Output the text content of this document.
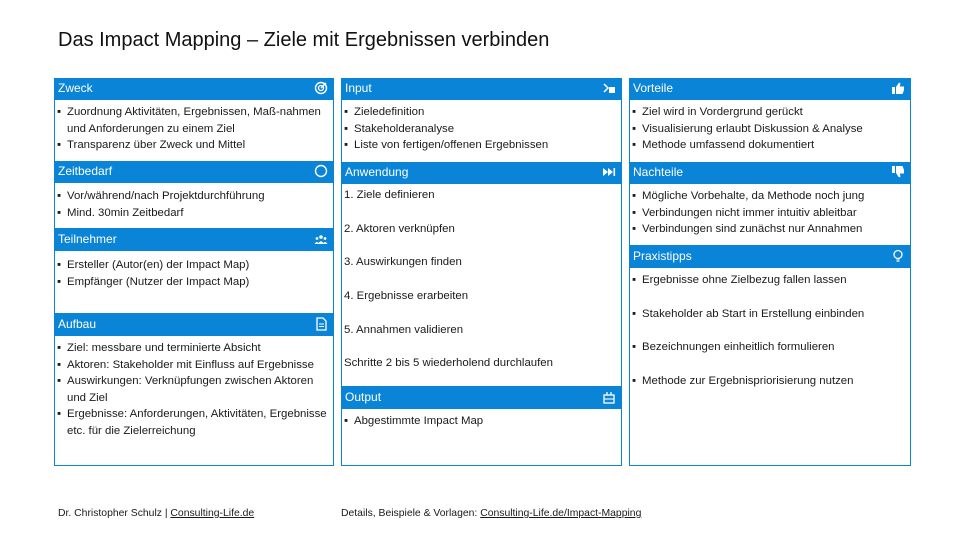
Das Impact Mapping – Ziele mit Ergebnissen verbinden
Zweck
▪ Zuordnung Aktivitäten, Ergebnissen, Maß-nahmen und Anforderungen zu einem Ziel
▪ Transparenz über Zweck und Mittel
Zeitbedarf
▪ Vor/während/nach Projektdurchführung
▪ Mind. 30min Zeitbedarf
Teilnehmer
▪ Ersteller (Autor(en) der Impact Map)
▪ Empfänger (Nutzer der Impact Map)
Aufbau
▪ Ziel: messbare und terminierte Absicht
▪ Aktoren: Stakeholder mit Einfluss auf Ergebnisse
▪ Auswirkungen: Verknüpfungen zwischen Aktoren und Ziel
▪ Ergebnisse: Anforderungen, Aktivitäten, Ergebnisse etc. für die Zielerreichung
Input
▪ Zieledefinition
▪ Stakeholderanalyse
▪ Liste von fertigen/offenen Ergebnissen
Anwendung
1. Ziele definieren
2. Aktoren verknüpfen
3. Auswirkungen finden
4. Ergebnisse erarbeiten
5. Annahmen validieren
Schritte 2 bis 5 wiederholend durchlaufen
Output
▪ Abgestimmte Impact Map
Vorteile
▪ Ziel wird in Vordergrund gerückt
▪ Visualisierung erlaubt Diskussion & Analyse
▪ Methode umfassend dokumentiert
Nachteile
▪ Mögliche Vorbehalte, da Methode noch jung
▪ Verbindungen nicht immer intuitiv ableitbar
▪ Verbindungen sind zunächst nur Annahmen
Praxistipps
▪ Ergebnisse ohne Zielbezug fallen lassen
▪ Stakeholder ab Start in Erstellung einbinden
▪ Bezeichnungen einheitlich formulieren
▪ Methode zur Ergebnispriorisierung nutzen
Dr. Christopher Schulz | Consulting-Life.de	Details, Beispiele & Vorlagen: Consulting-Life.de/Impact-Mapping
